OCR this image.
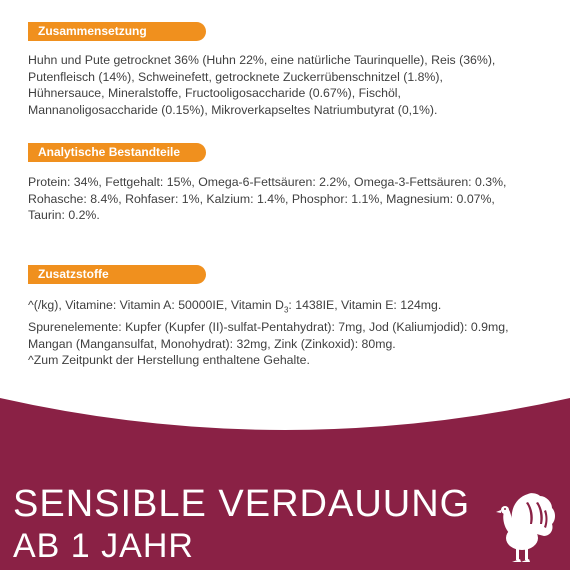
Zusammensetzung

Huhn und Pute getrocknet 36% (Huhn 22%, eine natürliche Taurinquelle), Reis (36%),

Putenfleisch (14%), Schweinefett, getrocknete Zuckerrübenschnitzel (1.8%),

Hühnersauce, Mineralstoffe, Fructooligosaccharide (0.67%), Fischöl,

Mannanoligosaccharide (0.15%), Mikroverkapseltes Natriumbutyrat (0,1%).

Analytische Bestandteile

Protein: 34%, Fettgehalt: 15%, Omega-6-Fettsäuren: 2.2%, Omega-3-Fettsäuren: 0.3%,

Rohasche: 8.4%, Rohfaser: 1%, Kalzium: 1.4%, Phosphor: 1.1%, Magnesium: 0.07%,

Taurin: 0.2%.

Zusatzstoffe

^(/kg), Vitamine: Vitamin A: 50000IE, Vitamin $D_3$: 1438IE, Vitamin E: 124mg.

Spurenelemente: Kupfer (Kupfer (II)-sulfat-Pentahydrat): 7mg, Jod (Kaliumjodid): 0.9mg,

Mangan (Mangansulfat, Monohydrat): 32mg, Zink (Zinkoxid): 80mg.

^Zum Zeitpunkt der Herstellung enthaltene Gehalte.

SENSIBLE VERDAUUNG
AB 1 JAHR
